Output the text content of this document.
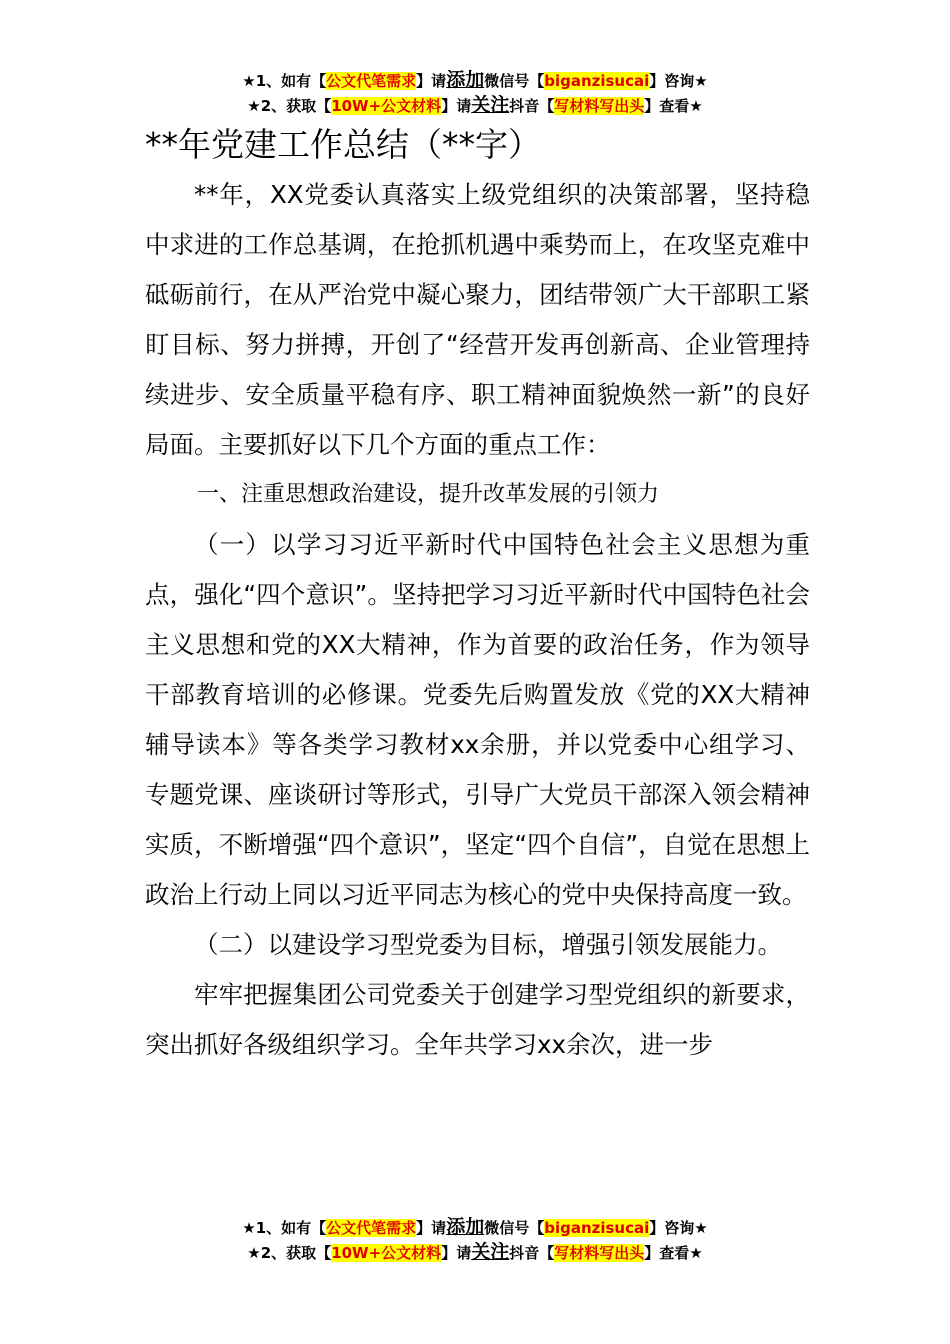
★1、如有【公文代笔需求】请添加微信号【biganzisucai】咨询★
★2、获取【10W+公文材料】请关注抖音【写材料写出头】查看★
**年党建工作总结（**字）

**年，XX党委认真落实上级党组织的决策部署，坚持稳中求进的工作总基调，在抢抓机遇中乘势而上，在攻坚克难中砥砺前行，在从严治党中凝心聚力，团结带领广大干部职工紧盯目标、努力拼搏，开创了“经营开发再创新高、企业管理持续进步、安全质量平稳有序、职工精神面貌焕然一新”的良好局面。主要抓好以下几个方面的重点工作：

一、注重思想政治建设，提升改革发展的引领力

（一）以学习习近平新时代中国特色社会主义思想为重点，强化“四个意识”。坚持把学习习近平新时代中国特色社会主义思想和党的XX大精神，作为首要的政治任务，作为领导干部教育培训的必修课。党委先后购置发放《党的XX大精神辅导读本》等各类学习教材xx余册，并以党委中心组学习、专题党课、座谈研讨等形式，引导广大党员干部深入领会精神实质，不断增强“四个意识”，坚定“四个自信”，自觉在思想上政治上行动上同以习近平同志为核心的党中央保持高度一致。

（二）以建设学习型党委为目标，增强引领发展能力。

牢牢把握集团公司党委关于创建学习型党组织的新要求，突出抓好各级组织学习。全年共学习xx余次，进一步

★1、如有【公文代笔需求】请添加微信号【biganzisucai】咨询★
★2、获取【10W+公文材料】请关注抖音【写材料写出头】查看★
